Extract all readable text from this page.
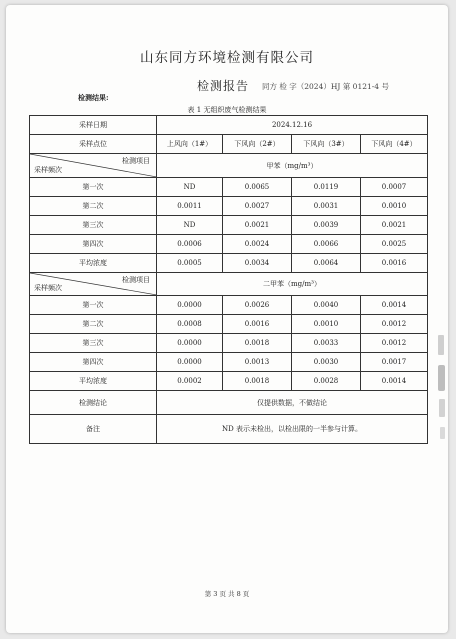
山东同方环境检测有限公司
检测报告 同方 检 字（2024）HJ 第 0121-4 号
检测结果:
表 1 无组织废气检测结果
采样日期	2024.12.16			
采样点位	上风向（1#）	下风向（2#）	下风向（3#）	下风向（4#）

检测项目
采样频次	甲苯（mg/m³）			
第一次	ND	0.0065	0.0119	0.0007
第二次	0.0011	0.0027	0.0031	0.0010
第三次	ND	0.0021	0.0039	0.0021
第四次	0.0006	0.0024	0.0066	0.0025
平均浓度	0.0005	0.0034	0.0064	0.0016

检测项目
采样频次	二甲苯（mg/m³）			
第一次	0.0000	0.0026	0.0040	0.0014
第二次	0.0008	0.0016	0.0010	0.0012
第三次	0.0000	0.0018	0.0033	0.0012
第四次	0.0000	0.0013	0.0030	0.0017
平均浓度	0.0002	0.0018	0.0028	0.0014
检测结论	仅提供数据，不做结论			
备注	ND 表示未检出，以检出限的一半参与计算。			
第 3 页 共 8 页
